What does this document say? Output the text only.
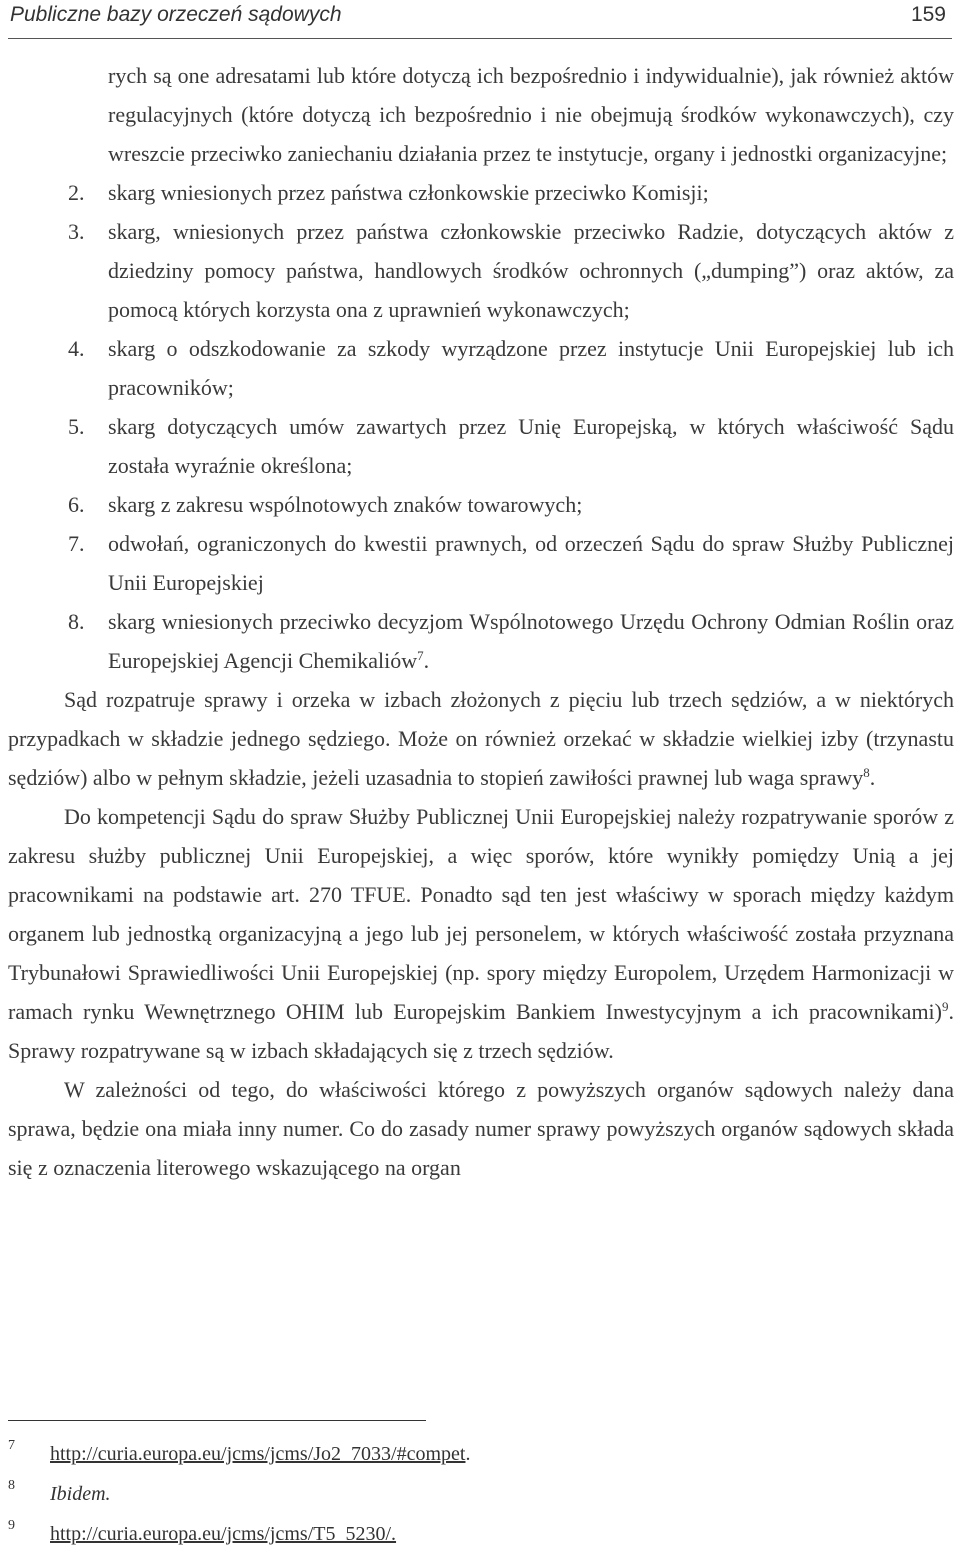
Publiczne bazy orzeczeń sądowych	159
rych są one adresatami lub które dotyczą ich bezpośrednio i indywidualnie), jak również aktów regulacyjnych (które dotyczą ich bezpośrednio i nie obejmują środków wykonawczych), czy wreszcie przeciwko zaniechaniu działania przez te instytucje, organy i jednostki organizacyjne;
2.	skarg wniesionych przez państwa członkowskie przeciwko Komisji;
3.	skarg, wniesionych przez państwa członkowskie przeciwko Radzie, dotyczących aktów z dziedziny pomocy państwa, handlowych środków ochronnych („dumping”) oraz aktów, za pomocą których korzysta ona z uprawnień wykonawczych;
4.	skarg o odszkodowanie za szkody wyrządzone przez instytucje Unii Europejskiej lub ich pracowników;
5.	skarg dotyczących umów zawartych przez Unię Europejską, w których właściwość Sądu została wyraźnie określona;
6.	skarg z zakresu wspólnotowych znaków towarowych;
7.	odwołań, ograniczonych do kwestii prawnych, od orzeczeń Sądu do spraw Służby Publicznej Unii Europejskiej
8.	skarg wniesionych przeciwko decyzjom Wspólnotowego Urzędu Ochrony Odmian Roślin oraz Europejskiej Agencji Chemikaliów$^7$.

Sąd rozpatruje sprawy i orzeka w izbach złożonych z pięciu lub trzech sędziów, a w niektórych przypadkach w składzie jednego sędziego. Może on również orzekać w składzie wielkiej izby (trzynastu sędziów) albo w pełnym składzie, jeżeli uzasadnia to stopień zawiłości prawnej lub waga sprawy$^8$.

Do kompetencji Sądu do spraw Służby Publicznej Unii Europejskiej należy rozpatrywanie sporów z zakresu służby publicznej Unii Europejskiej, a więc sporów, które wynikły pomiędzy Unią a jej pracownikami na podstawie art. 270 TFUE. Ponadto sąd ten jest właściwy w sporach między każdym organem lub jednostką organizacyjną a jego lub jej personelem, w których właściwość została przyznana Trybunałowi Sprawiedliwości Unii Europejskiej (np. spory między Europolem, Urzędem Harmonizacji w ramach rynku Wewnętrznego OHIM lub Europejskim Bankiem Inwestycyjnym a ich pracownikami)$^9$. Sprawy rozpatrywane są w izbach składających się z trzech sędziów.

W zależności od tego, do właściwości którego z powyższych organów sądowych należy dana sprawa, będzie ona miała inny numer. Co do zasady numer sprawy powyższych organów sądowych składa się z oznaczenia literowego wskazującego na organ

7	http://curia.europa.eu/jcms/jcms/Jo2_7033/#compet.
8	Ibidem.
9	http://curia.europa.eu/jcms/jcms/T5_5230/.
